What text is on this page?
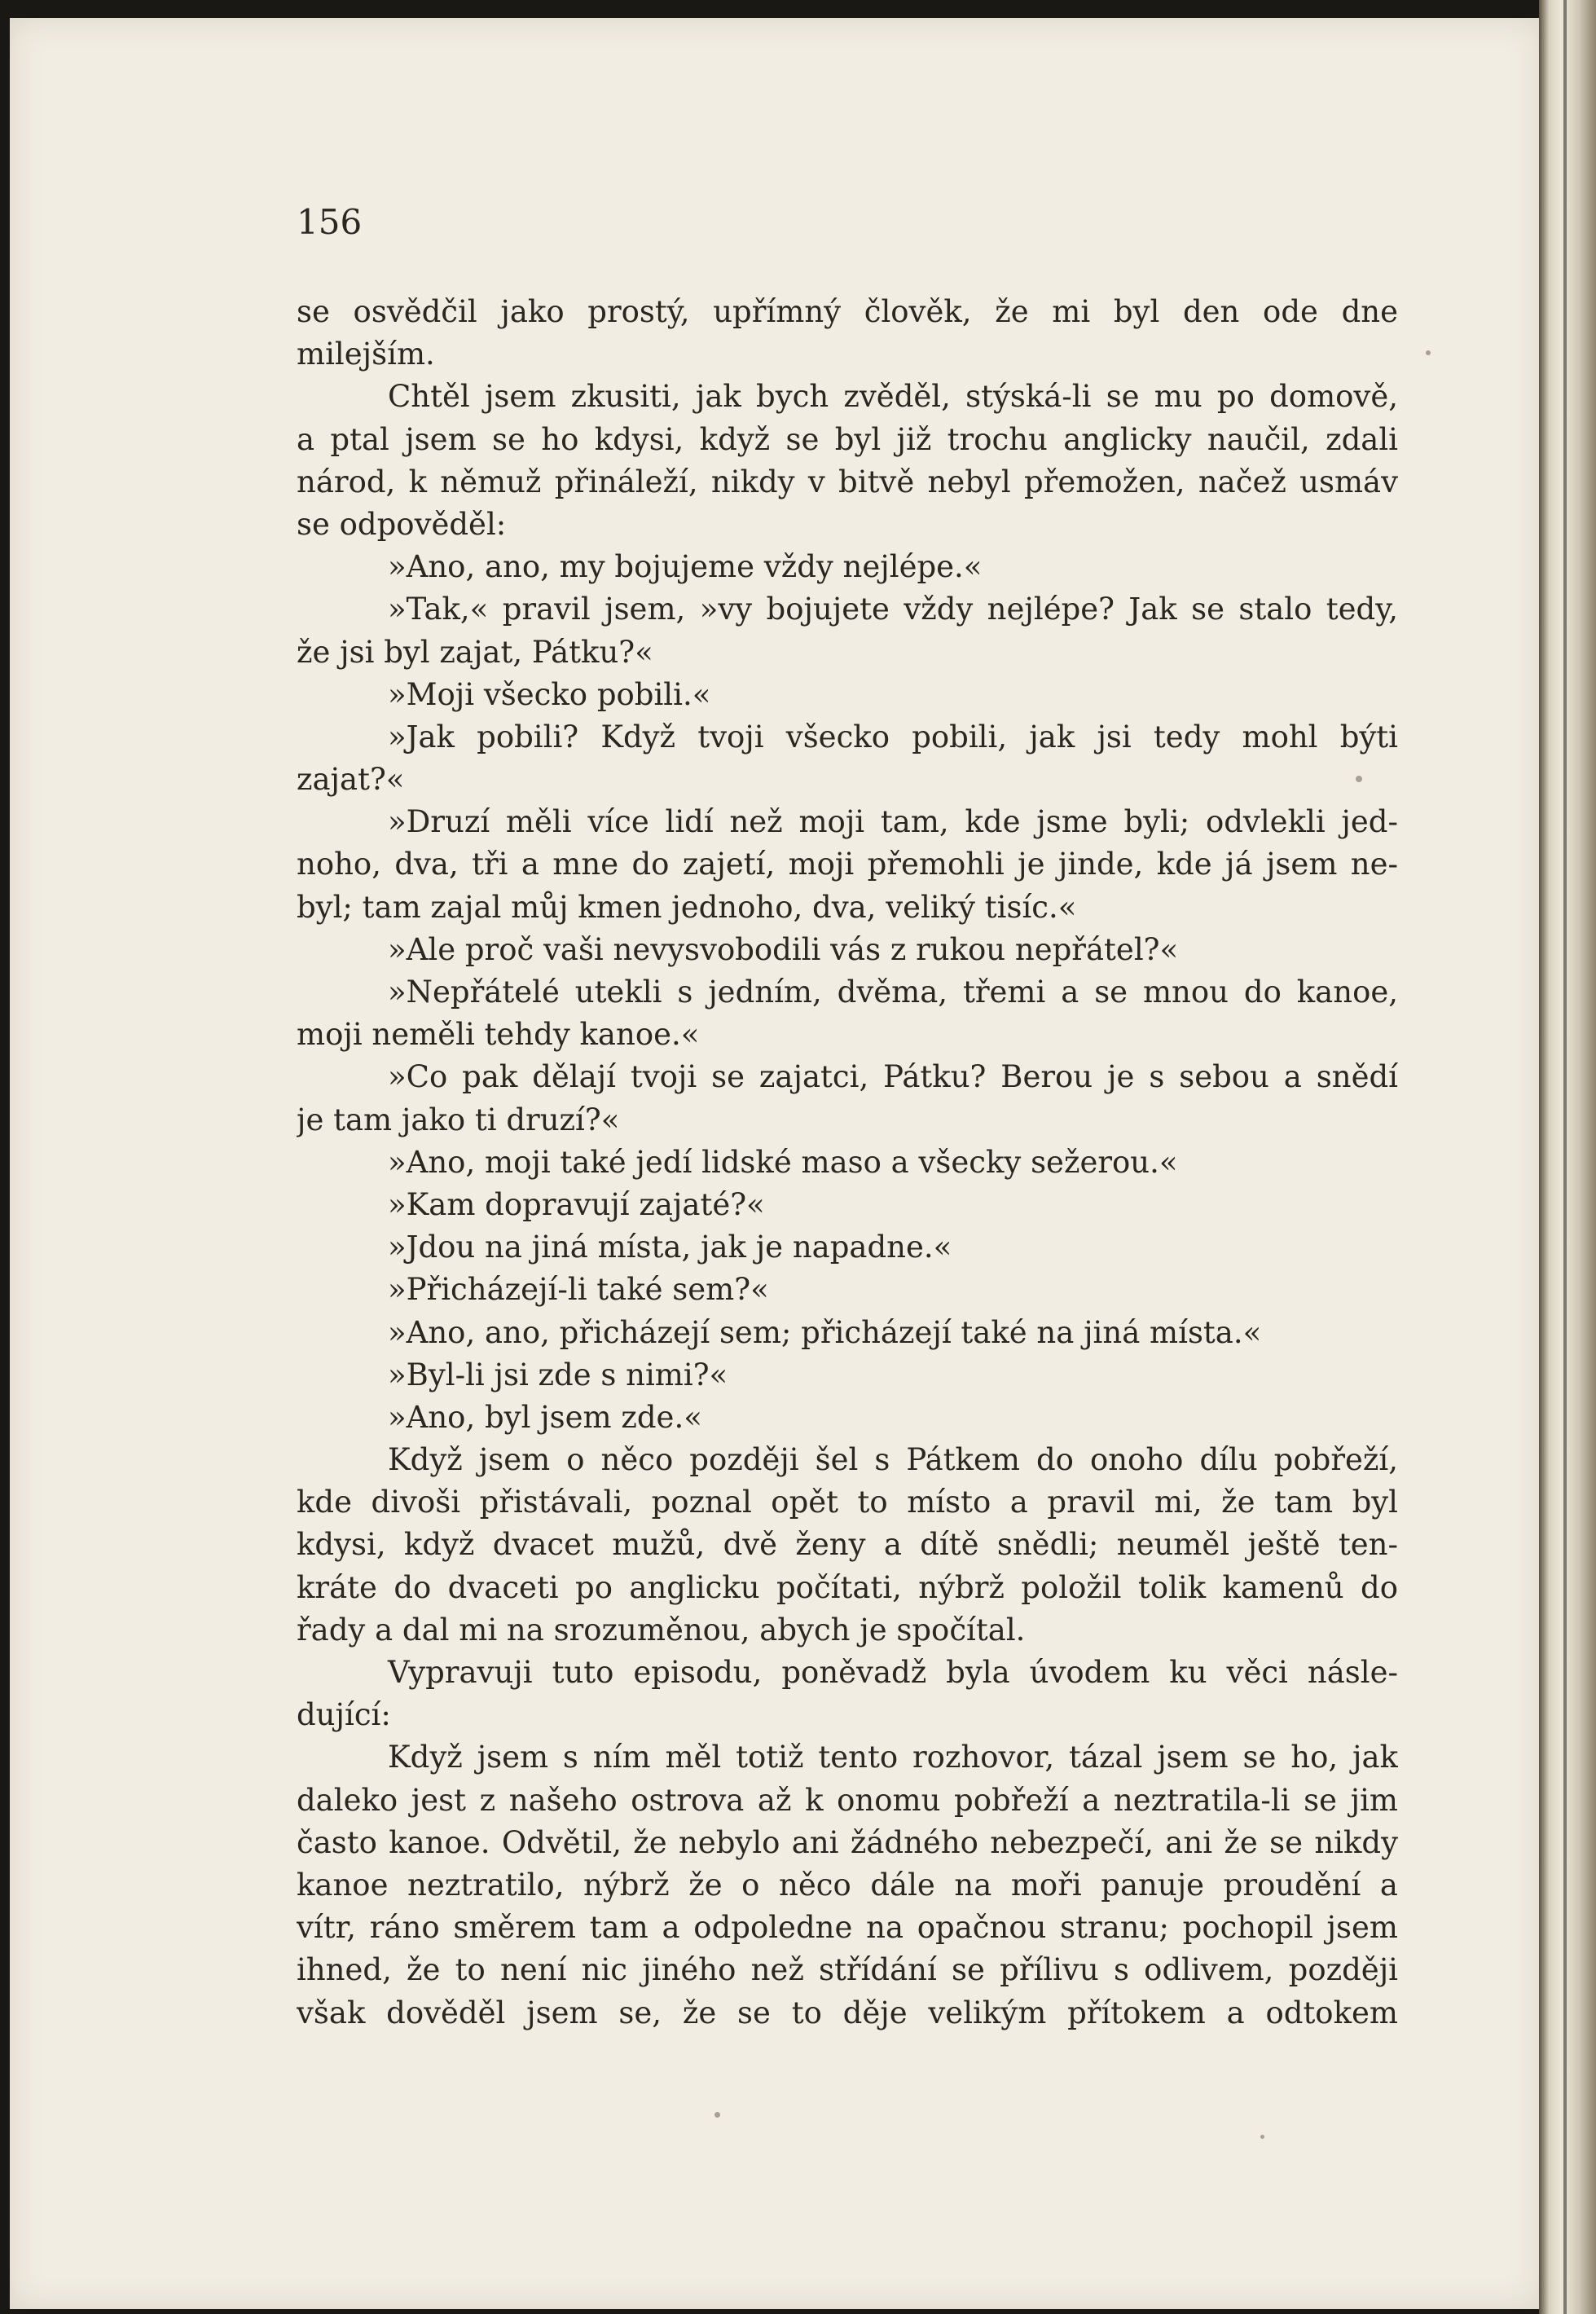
156
se osvědčil jako prostý, upřímný člověk, že mi byl den ode dne
milejším.
Chtěl jsem zkusiti, jak bych zvěděl, stýská-li se mu po domově,
a ptal jsem se ho kdysi, když se byl již trochu anglicky naučil, zdali
národ, k němuž přináleží, nikdy v bitvě nebyl přemožen, načež usmáv
se odpověděl:
»Ano, ano, my bojujeme vždy nejlépe.«
»Tak,« pravil jsem, »vy bojujete vždy nejlépe? Jak se stalo tedy,
že jsi byl zajat, Pátku?«
»Moji všecko pobili.«
»Jak pobili? Když tvoji všecko pobili, jak jsi tedy mohl býti
zajat?«
»Druzí měli více lidí než moji tam, kde jsme byli; odvlekli jed-
noho, dva, tři a mne do zajetí, moji přemohli je jinde, kde já jsem ne-
byl; tam zajal můj kmen jednoho, dva, veliký tisíc.«
»Ale proč vaši nevysvobodili vás z rukou nepřátel?«
»Nepřátelé utekli s jedním, dvěma, třemi a se mnou do kanoe,
moji neměli tehdy kanoe.«
»Co pak dělají tvoji se zajatci, Pátku? Berou je s sebou a snědí
je tam jako ti druzí?«
»Ano, moji také jedí lidské maso a všecky sežerou.«
»Kam dopravují zajaté?«
»Jdou na jiná místa, jak je napadne.«
»Přicházejí-li také sem?«
»Ano, ano, přicházejí sem; přicházejí také na jiná místa.«
»Byl-li jsi zde s nimi?«
»Ano, byl jsem zde.«
Když jsem o něco později šel s Pátkem do onoho dílu pobřeží,
kde divoši přistávali, poznal opět to místo a pravil mi, že tam byl
kdysi, když dvacet mužů, dvě ženy a dítě snědli; neuměl ještě ten-
kráte do dvaceti po anglicku počítati, nýbrž položil tolik kamenů do
řady a dal mi na srozuměnou, abych je spočítal.
Vypravuji tuto episodu, poněvadž byla úvodem ku věci násle-
dující:
Když jsem s ním měl totiž tento rozhovor, tázal jsem se ho, jak
daleko jest z našeho ostrova až k onomu pobřeží a neztratila-li se jim
často kanoe. Odvětil, že nebylo ani žádného nebezpečí, ani že se nikdy
kanoe neztratilo, nýbrž že o něco dále na moři panuje proudění a
vítr, ráno směrem tam a odpoledne na opačnou stranu; pochopil jsem
ihned, že to není nic jiného než střídání se přílivu s odlivem, později
však dověděl jsem se, že se to děje velikým přítokem a odtokem
